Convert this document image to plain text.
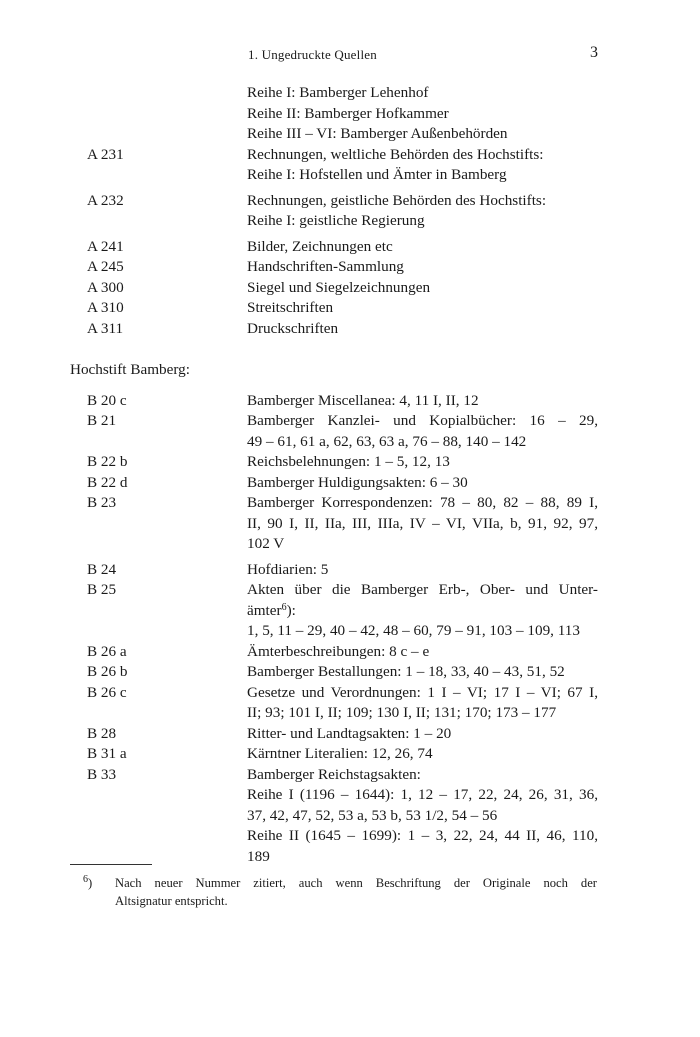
1. Ungedruckte Quellen	3
Reihe I: Bamberger Lehenhof
Reihe II: Bamberger Hofkammer
Reihe III – VI: Bamberger Außenbehörden
A 231	Rechnungen, weltliche Behörden des Hochstifts:
Reihe I: Hofstellen und Ämter in Bamberg
A 232	Rechnungen, geistliche Behörden des Hochstifts:
Reihe I: geistliche Regierung
A 241	Bilder, Zeichnungen etc
A 245	Handschriften-Sammlung
A 300	Siegel und Siegelzeichnungen
A 310	Streitschriften
A 311	Druckschriften
Hochstift Bamberg:
B 20 c	Bamberger Miscellanea: 4, 11 I, II, 12
B 21	Bamberger Kanzlei- und Kopialbücher: 16 – 29,
49 – 61, 61 a, 62, 63, 63 a, 76 – 88, 140 – 142
B 22 b	Reichsbelehnungen: 1 – 5, 12, 13
B 22 d	Bamberger Huldigungsakten: 6 – 30
B 23	Bamberger Korrespondenzen: 78 – 80, 82 – 88, 89 I,
II, 90 I, II, IIa, III, IIIa, IV – VI, VIIa, b, 91, 92, 97,
102 V
B 24	Hofdiarien: 5
B 25	Akten über die Bamberger Erb-, Ober- und Unter-
ämter$^6$):
1, 5, 11 – 29, 40 – 42, 48 – 60, 79 – 91, 103 – 109, 113
B 26 a	Ämterbeschreibungen: 8 c – e
B 26 b	Bamberger Bestallungen: 1 – 18, 33, 40 – 43, 51, 52
B 26 c	Gesetze und Verordnungen: 1 I – VI; 17 I – VI; 67 I,
II; 93; 101 I, II; 109; 130 I, II; 131; 170; 173 – 177
B 28	Ritter- und Landtagsakten: 1 – 20
B 31 a	Kärntner Literalien: 12, 26, 74
B 33	Bamberger Reichstagsakten:
Reihe I (1196 – 1644): 1, 12 – 17, 22, 24, 26, 31, 36,
37, 42, 47, 52, 53 a, 53 b, 53 1/2, 54 – 56
Reihe II (1645 – 1699): 1 – 3, 22, 24, 44 II, 46, 110,
189
$^6$) Nach neuer Nummer zitiert, auch wenn Beschriftung der Originale noch der
Altsignatur entspricht.
